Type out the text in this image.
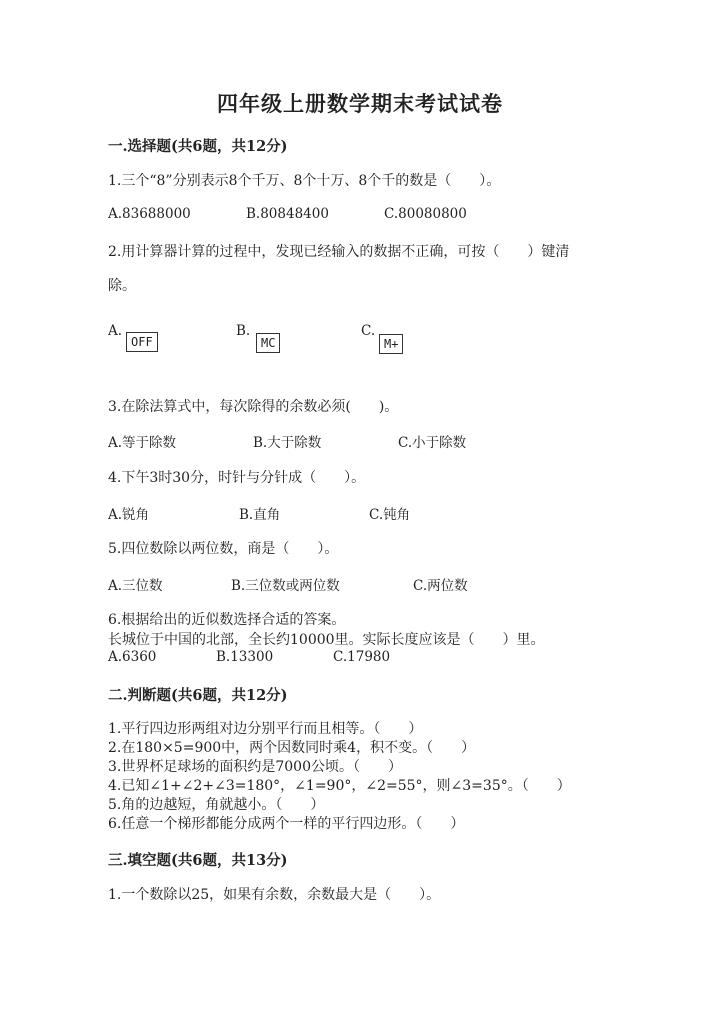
四年级上册数学期末考试试卷
一.选择题(共6题，共12分)
1.三个“8”分别表示8个千万、8个十万、8个千的数是（　　）。
A.83688000	B.80848400	C.80080800
2.用计算器计算的过程中，发现已经输入的数据不正确，可按（　　）键清
除。
A.
OFF
B.
MC
C.
M+
3.在除法算式中，每次除得的余数必须(　　)。
A.等于除数	B.大于除数	C.小于除数
4.下午3时30分，时针与分针成（　　）。
A.锐角	B.直角	C.钝角
5.四位数除以两位数，商是（　　）。
A.三位数	B.三位数或两位数	C.两位数
6.根据给出的近似数选择合适的答案。
长城位于中国的北部，全长约10000里。实际长度应该是（　　）里。
A.6360	B.13300	C.17980
二.判断题(共6题，共12分)
1.平行四边形两组对边分别平行而且相等。（　　）
2.在180×5=900中，两个因数同时乘4，积不变。（　　）
3.世界杯足球场的面积约是7000公顷。（　　）
4.已知∠1+∠2+∠3=180°，∠1=90°，∠2=55°，则∠3=35°。（　　）
5.角的边越短，角就越小。（　　）
6.任意一个梯形都能分成两个一样的平行四边形。（　　）
三.填空题(共6题，共13分)
1.一个数除以25，如果有余数，余数最大是（　　）。
